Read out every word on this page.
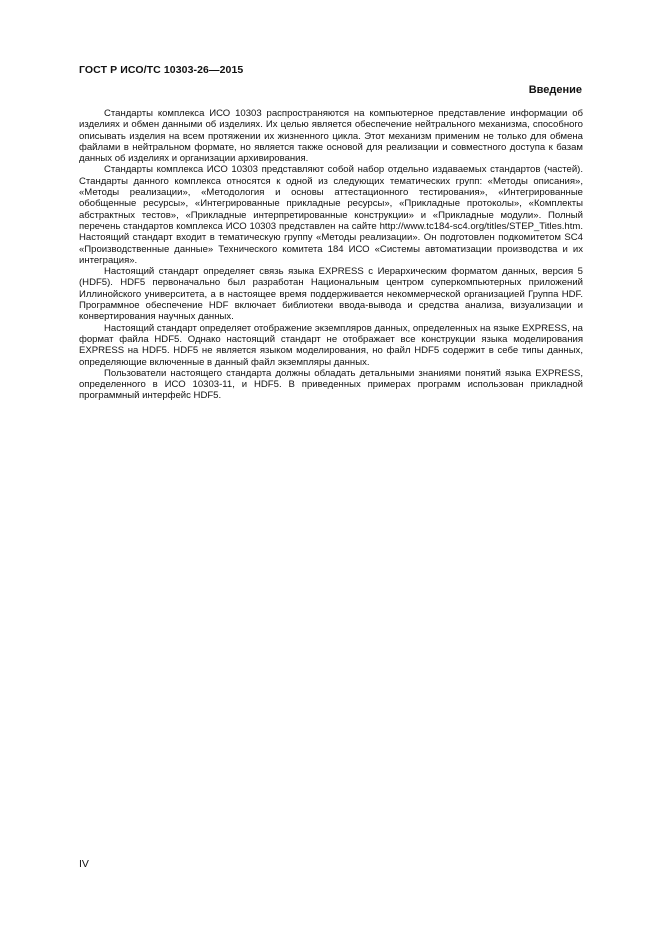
ГОСТ Р ИСО/ТС 10303-26—2015
Введение

Стандарты комплекса ИСО 10303 распространяются на компьютерное представление информации об изделиях и обмен данными об изделиях. Их целью является обеспечение нейтрального механизма, способного описывать изделия на всем протяжении их жизненного цикла. Этот механизм применим не только для обмена файлами в нейтральном формате, но является также основой для реализации и совместного доступа к базам данных об изделиях и организации архивирования.

Стандарты комплекса ИСО 10303 представляют собой набор отдельно издаваемых стандартов (частей). Стандарты данного комплекса относятся к одной из следующих тематических групп: «Методы описания», «Методы реализации», «Методология и основы аттестационного тестирования», «Интегрированные обобщенные ресурсы», «Интегрированные прикладные ресурсы», «Прикладные протоколы», «Комплекты абстрактных тестов», «Прикладные интерпретированные конструкции» и «Прикладные модули». Полный перечень стандартов комплекса ИСО 10303 представлен на сайте http://www.tc184-sc4.org/titles/STEP_Titles.htm. Настоящий стандарт входит в тематическую группу «Методы реализации». Он подготовлен подкомитетом SC4 «Производственные данные» Технического комитета 184 ИСО «Системы автоматизации производства и их интеграция».

Настоящий стандарт определяет связь языка EXPRESS с Иерархическим форматом данных, версия 5 (HDF5). HDF5 первоначально был разработан Национальным центром суперкомпьютерных приложений Иллинойского университета, а в настоящее время поддерживается некоммерческой организацией Группа HDF. Программное обеспечение HDF включает библиотеки ввода-вывода и средства анализа, визуализации и конвертирования научных данных.

Настоящий стандарт определяет отображение экземпляров данных, определенных на языке EXPRESS, на формат файла HDF5. Однако настоящий стандарт не отображает все конструкции языка моделирования EXPRESS на HDF5. HDF5 не является языком моделирования, но файл HDF5 содержит в себе типы данных, определяющие включенные в данный файл экземпляры данных.

Пользователи настоящего стандарта должны обладать детальными знаниями понятий языка EXPRESS, определенного в ИСО 10303-11, и HDF5. В приведенных примерах программ использован прикладной программный интерфейс HDF5.

IV
